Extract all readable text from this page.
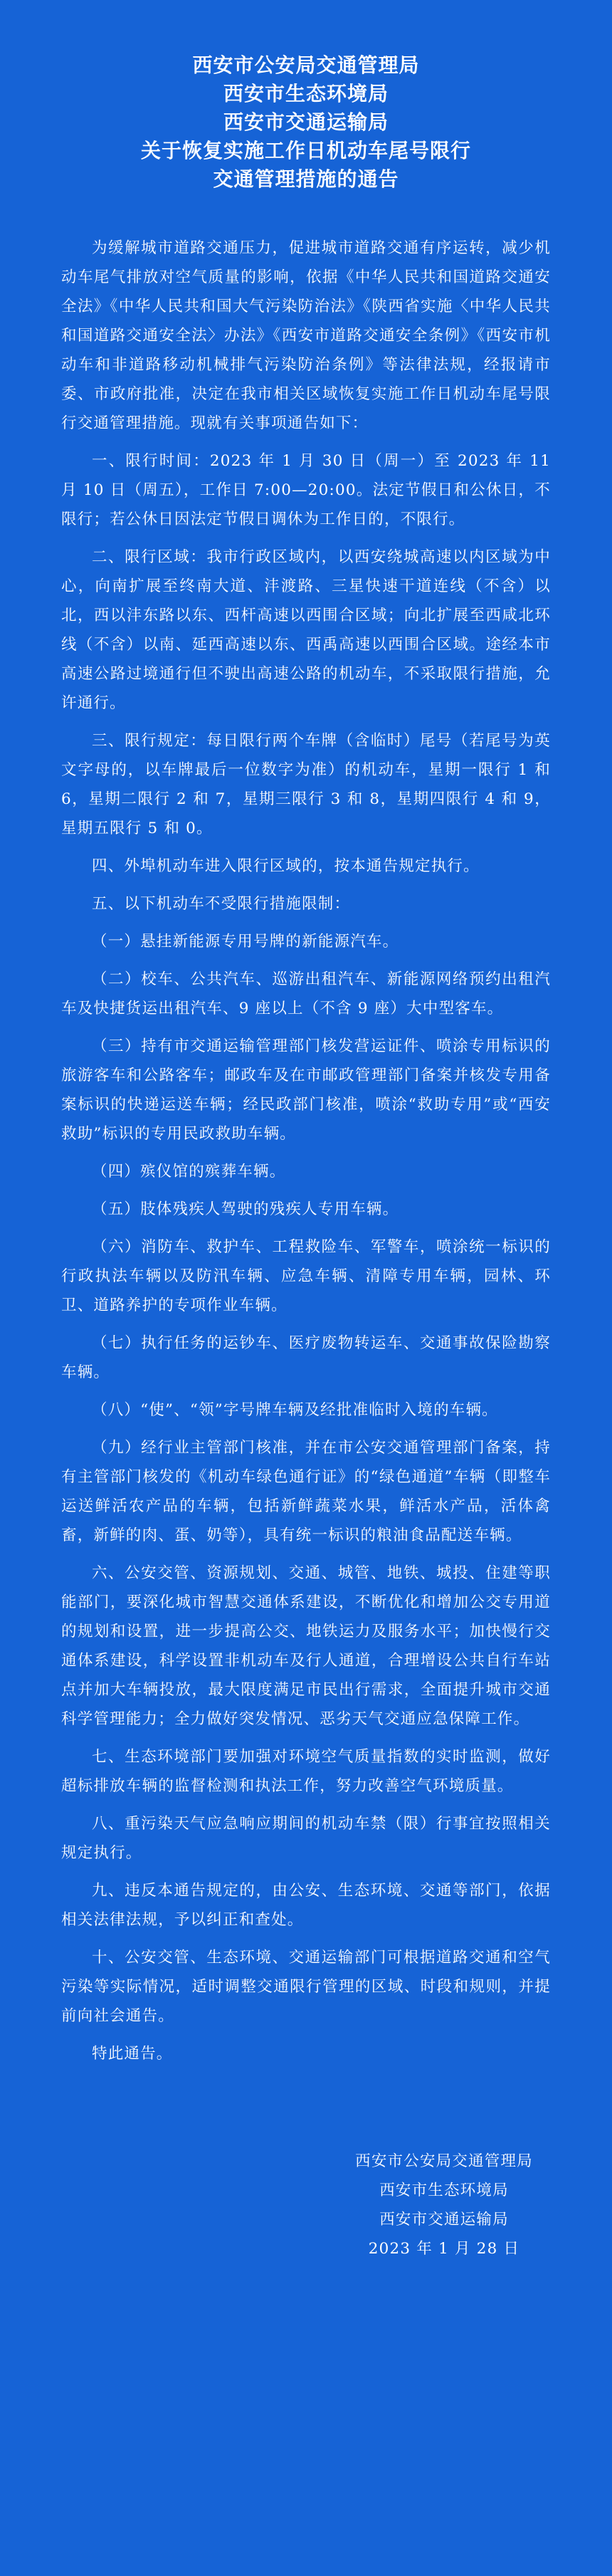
西安市公安局交通管理局
西安市生态环境局
西安市交通运输局
关于恢复实施工作日机动车尾号限行
交通管理措施的通告

为缓解城市道路交通压力，促进城市道路交通有序运转，减少机动车尾气排放对空气质量的影响，依据《中华人民共和国道路交通安全法》《中华人民共和国大气污染防治法》《陕西省实施〈中华人民共和国道路交通安全法〉办法》《西安市道路交通安全条例》《西安市机动车和非道路移动机械排气污染防治条例》等法律法规，经报请市委、市政府批准，决定在我市相关区域恢复实施工作日机动车尾号限行交通管理措施。现就有关事项通告如下：

一、限行时间：2023 年 1 月 30 日（周一）至 2023 年 11 月 10 日（周五），工作日 7:00—20:00。法定节假日和公休日，不限行；若公休日因法定节假日调休为工作日的，不限行。

二、限行区域：我市行政区域内，以西安绕城高速以内区域为中心，向南扩展至终南大道、沣渡路、三星快速干道连线（不含）以北，西以沣东路以东、西杆高速以西围合区域；向北扩展至西咸北环线（不含）以南、延西高速以东、西禹高速以西围合区域。途经本市高速公路过境通行但不驶出高速公路的机动车，不采取限行措施，允许通行。

三、限行规定：每日限行两个车牌（含临时）尾号（若尾号为英文字母的，以车牌最后一位数字为准）的机动车，星期一限行 1 和 6，星期二限行 2 和 7，星期三限行 3 和 8，星期四限行 4 和 9，星期五限行 5 和 0。

四、外埠机动车进入限行区域的，按本通告规定执行。

五、以下机动车不受限行措施限制：

（一）悬挂新能源专用号牌的新能源汽车。

（二）校车、公共汽车、巡游出租汽车、新能源网络预约出租汽车及快捷货运出租汽车、9 座以上（不含 9 座）大中型客车。

（三）持有市交通运输管理部门核发营运证件、喷涂专用标识的旅游客车和公路客车；邮政车及在市邮政管理部门备案并核发专用备案标识的快递运送车辆；经民政部门核准，喷涂“救助专用”或“西安救助”标识的专用民政救助车辆。

（四）殡仪馆的殡葬车辆。

（五）肢体残疾人驾驶的残疾人专用车辆。

（六）消防车、救护车、工程救险车、军警车，喷涂统一标识的行政执法车辆以及防汛车辆、应急车辆、清障专用车辆，园林、环卫、道路养护的专项作业车辆。

（七）执行任务的运钞车、医疗废物转运车、交通事故保险勘察车辆。

（八）“使”、“领”字号牌车辆及经批准临时入境的车辆。

（九）经行业主管部门核准，并在市公安交通管理部门备案，持有主管部门核发的《机动车绿色通行证》的“绿色通道”车辆（即整车运送鲜活农产品的车辆，包括新鲜蔬菜水果，鲜活水产品，活体禽畜，新鲜的肉、蛋、奶等），具有统一标识的粮油食品配送车辆。

六、公安交管、资源规划、交通、城管、地铁、城投、住建等职能部门，要深化城市智慧交通体系建设，不断优化和增加公交专用道的规划和设置，进一步提高公交、地铁运力及服务水平；加快慢行交通体系建设，科学设置非机动车及行人通道，合理增设公共自行车站点并加大车辆投放，最大限度满足市民出行需求，全面提升城市交通科学管理能力；全力做好突发情况、恶劣天气交通应急保障工作。

七、生态环境部门要加强对环境空气质量指数的实时监测，做好超标排放车辆的监督检测和执法工作，努力改善空气环境质量。

八、重污染天气应急响应期间的机动车禁（限）行事宜按照相关规定执行。

九、违反本通告规定的，由公安、生态环境、交通等部门，依据相关法律法规，予以纠正和查处。

十、公安交管、生态环境、交通运输部门可根据道路交通和空气污染等实际情况，适时调整交通限行管理的区域、时段和规则，并提前向社会通告。

特此通告。

西安市公安局交通管理局
西安市生态环境局
西安市交通运输局
2023 年 1 月 28 日
